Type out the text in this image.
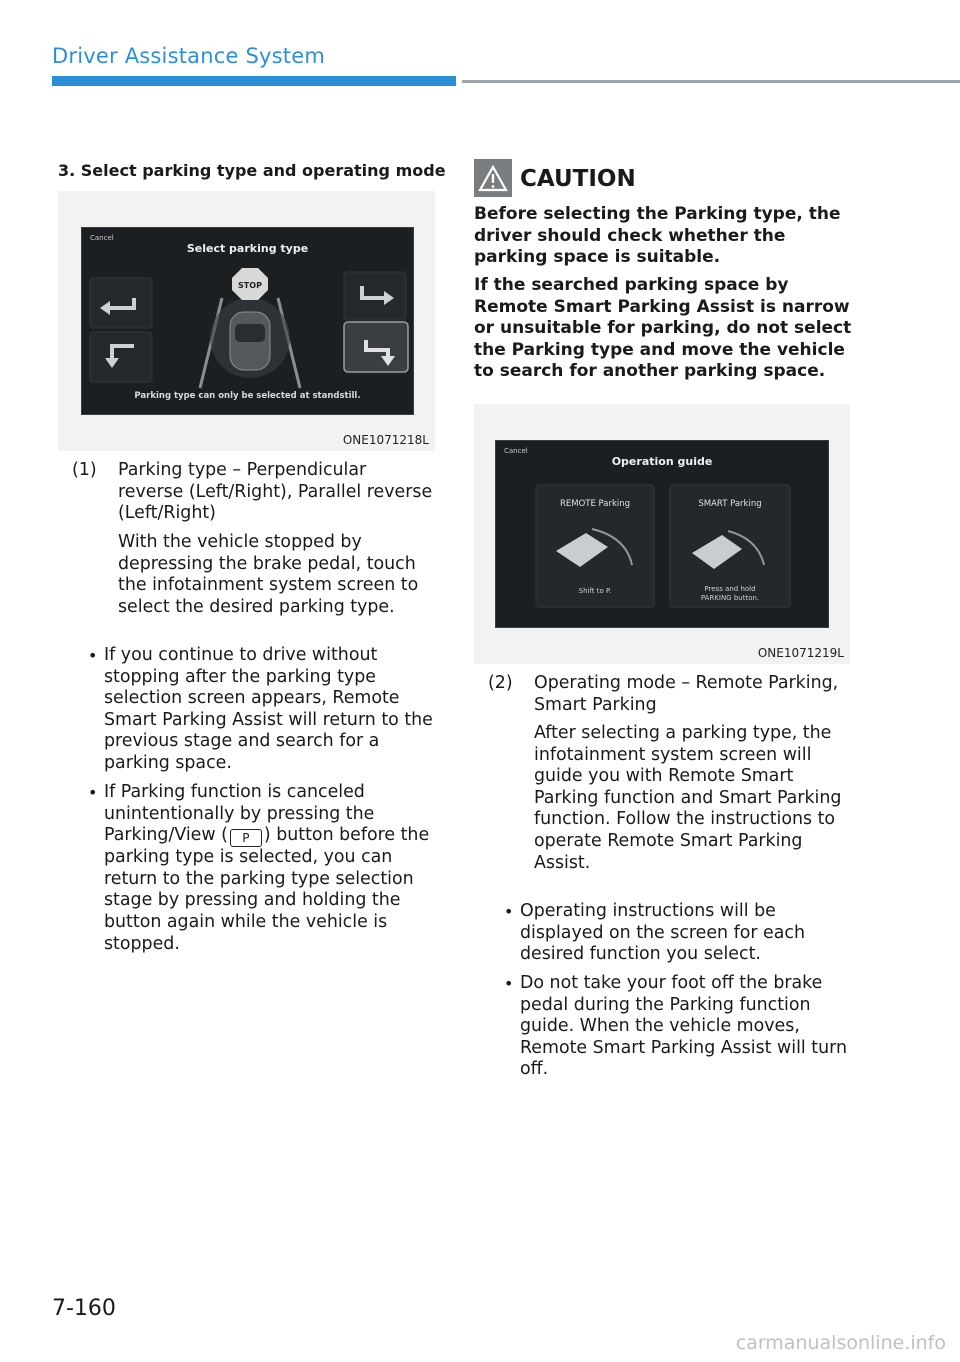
Driver Assistance System
3. Select parking type and operating mode
Cancel
Select parking type
STOP
Parking type can only be selected at standstill.
ONE1071218L
(1) Parking type – Perpendicular reverse (Left/Right), Parallel reverse (Left/Right)
With the vehicle stopped by depressing the brake pedal, touch the infotainment system screen to select the desired parking type.
• If you continue to drive without stopping after the parking type selection screen appears, Remote Smart Parking Assist will return to the previous stage and search for a parking space.
• If Parking function is canceled unintentionally by pressing the Parking/View ( P ) button before the parking type is selected, you can return to the parking type selection stage by pressing and holding the button again while the vehicle is stopped.
CAUTION
Before selecting the Parking type, the driver should check whether the parking space is suitable.
If the searched parking space by Remote Smart Parking Assist is narrow or unsuitable for parking, do not select the Parking type and move the vehicle to search for another parking space.
Cancel
Operation guide
REMOTE Parking	SMART Parking
Shift to P.	Press and hold PARKING button.
ONE1071219L
(2) Operating mode – Remote Parking, Smart Parking
After selecting a parking type, the infotainment system screen will guide you with Remote Smart Parking function and Smart Parking function. Follow the instructions to operate Remote Smart Parking Assist.
• Operating instructions will be displayed on the screen for each desired function you select.
• Do not take your foot off the brake pedal during the Parking function guide. When the vehicle moves, Remote Smart Parking Assist will turn off.
7-160
carmanualsonline.info
